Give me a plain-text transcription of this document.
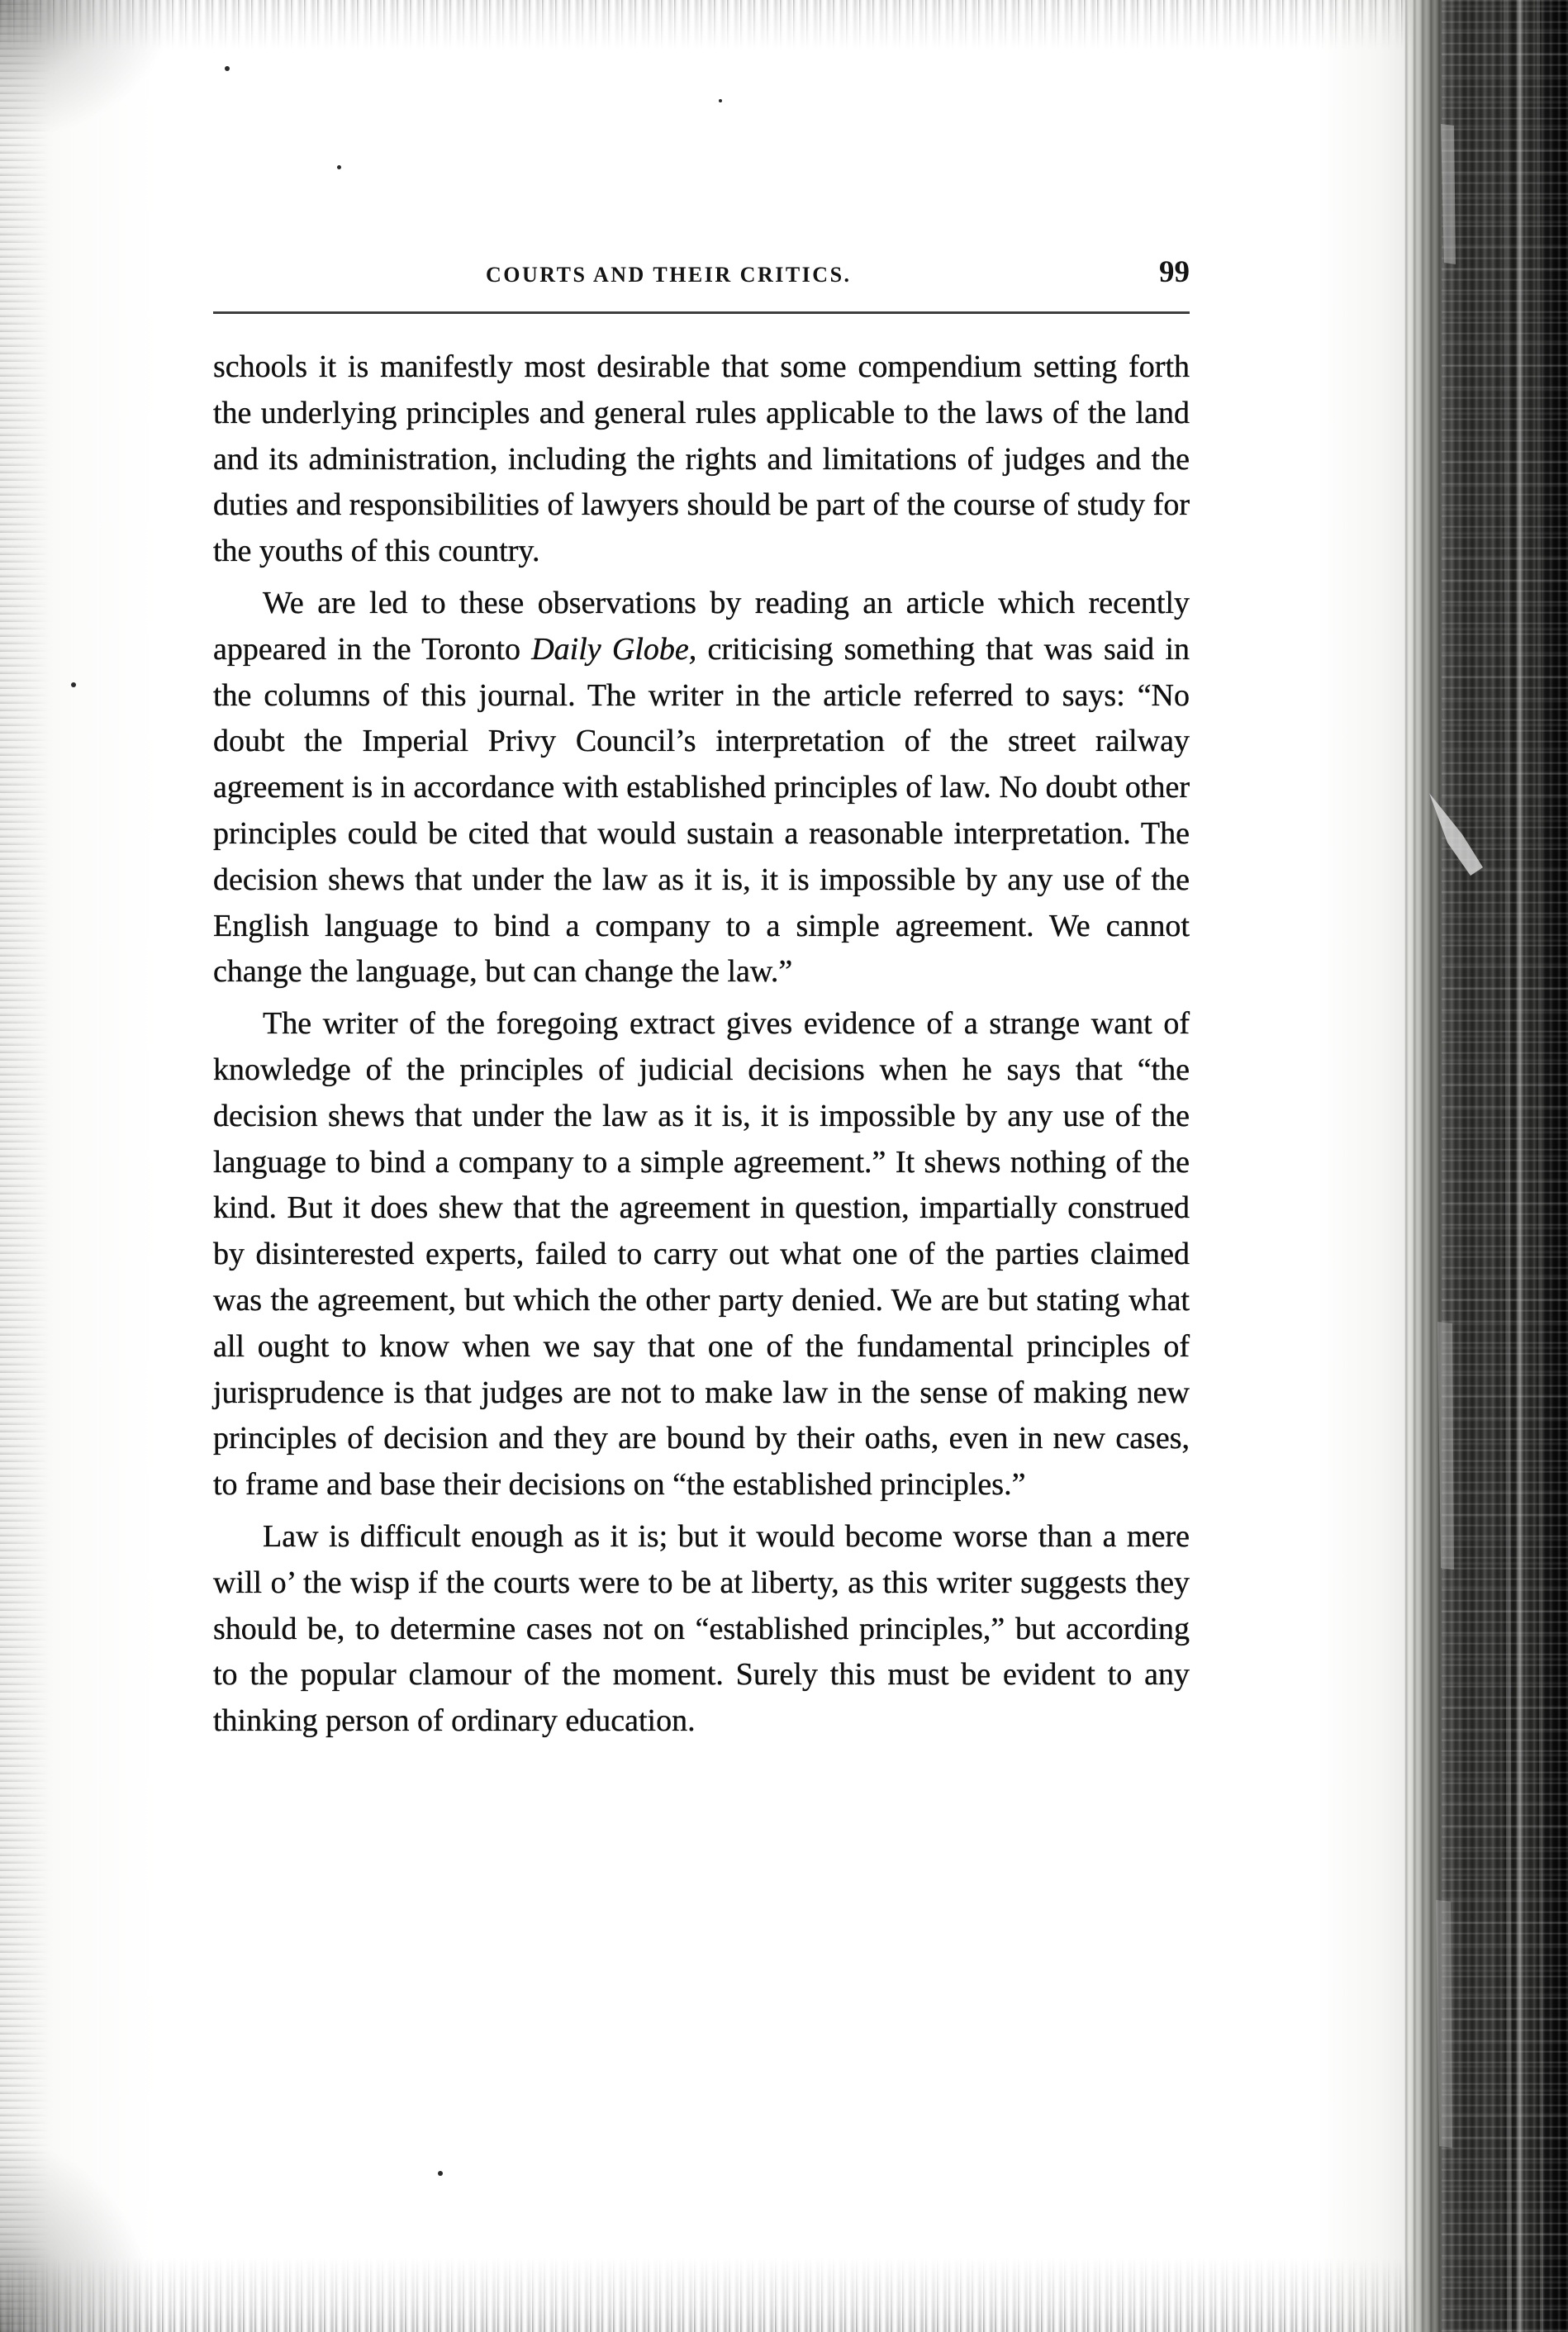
COURTS AND THEIR CRITICS.	99

schools it is manifestly most desirable that some compendium setting forth the underlying principles and general rules applicable to the laws of the land and its administration, including the rights and limitations of judges and the duties and responsibilities of lawyers should be part of the course of study for the youths of this country.

We are led to these observations by reading an article which recently appeared in the Toronto Daily Globe, criticising something that was said in the columns of this journal. The writer in the article referred to says: “No doubt the Imperial Privy Council’s interpretation of the street railway agreement is in accordance with established principles of law. No doubt other principles could be cited that would sustain a reasonable interpretation. The decision shews that under the law as it is, it is impossible by any use of the English language to bind a company to a simple agreement. We cannot change the language, but can change the law.”

The writer of the foregoing extract gives evidence of a strange want of knowledge of the principles of judicial decisions when he says that “the decision shews that under the law as it is, it is impossible by any use of the language to bind a company to a simple agreement.” It shews nothing of the kind. But it does shew that the agreement in question, impartially construed by disinterested experts, failed to carry out what one of the parties claimed was the agreement, but which the other party denied. We are but stating what all ought to know when we say that one of the fundamental principles of jurisprudence is that judges are not to make law in the sense of making new principles of decision and they are bound by their oaths, even in new cases, to frame and base their decisions on “the established principles.”

Law is difficult enough as it is; but it would become worse than a mere will o’ the wisp if the courts were to be at liberty, as this writer suggests they should be, to determine cases not on “established principles,” but according to the popular clamour of the moment. Surely this must be evident to any thinking person of ordinary education.
